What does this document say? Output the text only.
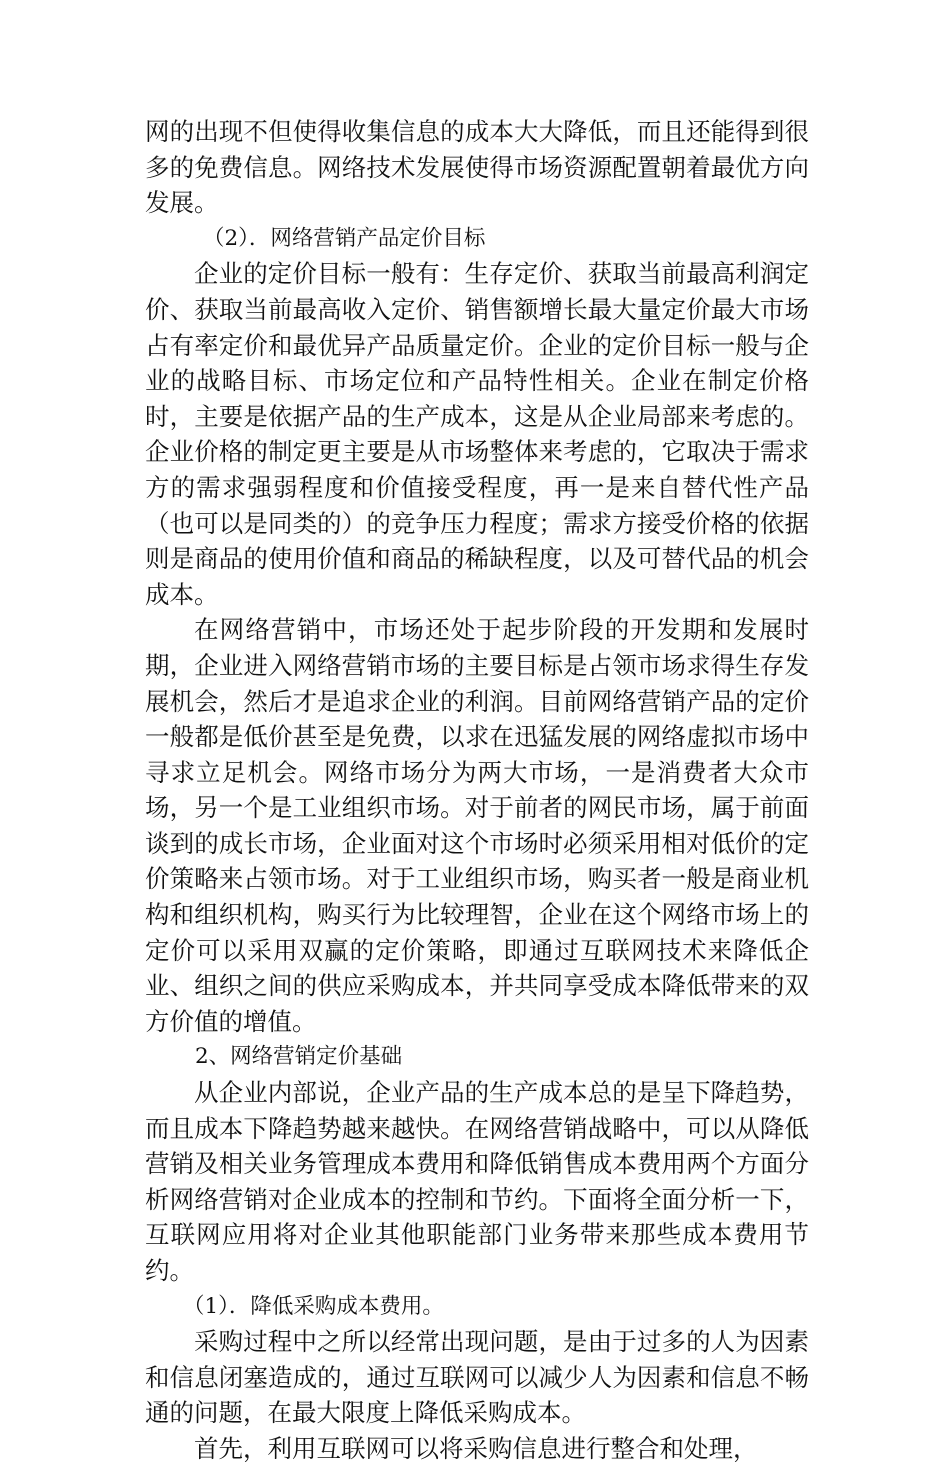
网的出现不但使得收集信息的成本大大降低，而且还能得到很多的免费信息。网络技术发展使得市场资源配置朝着最优方向发展。

（2）．网络营销产品定价目标

企业的定价目标一般有：生存定价、获取当前最高利润定价、获取当前最高收入定价、销售额增长最大量定价最大市场占有率定价和最优异产品质量定价。企业的定价目标一般与企业的战略目标、市场定位和产品特性相关。企业在制定价格时，主要是依据产品的生产成本，这是从企业局部来考虑的。企业价格的制定更主要是从市场整体来考虑的，它取决于需求方的需求强弱程度和价值接受程度，再一是来自替代性产品（也可以是同类的）的竞争压力程度；需求方接受价格的依据则是商品的使用价值和商品的稀缺程度，以及可替代品的机会成本。

在网络营销中，市场还处于起步阶段的开发期和发展时期，企业进入网络营销市场的主要目标是占领市场求得生存发展机会，然后才是追求企业的利润。目前网络营销产品的定价一般都是低价甚至是免费，以求在迅猛发展的网络虚拟市场中寻求立足机会。网络市场分为两大市场，一是消费者大众市场，另一个是工业组织市场。对于前者的网民市场，属于前面谈到的成长市场，企业面对这个市场时必须采用相对低价的定价策略来占领市场。对于工业组织市场，购买者一般是商业机构和组织机构，购买行为比较理智，企业在这个网络市场上的定价可以采用双赢的定价策略，即通过互联网技术来降低企业、组织之间的供应采购成本，并共同享受成本降低带来的双方价值的增值。

2、网络营销定价基础

从企业内部说，企业产品的生产成本总的是呈下降趋势，而且成本下降趋势越来越快。在网络营销战略中，可以从降低营销及相关业务管理成本费用和降低销售成本费用两个方面分析网络营销对企业成本的控制和节约。下面将全面分析一下，互联网应用将对企业其他职能部门业务带来那些成本费用节约。

（1）．降低采购成本费用。

采购过程中之所以经常出现问题，是由于过多的人为因素和信息闭塞造成的，通过互联网可以减少人为因素和信息不畅通的问题，在最大限度上降低采购成本。

首先，利用互联网可以将采购信息进行整合和处理，
